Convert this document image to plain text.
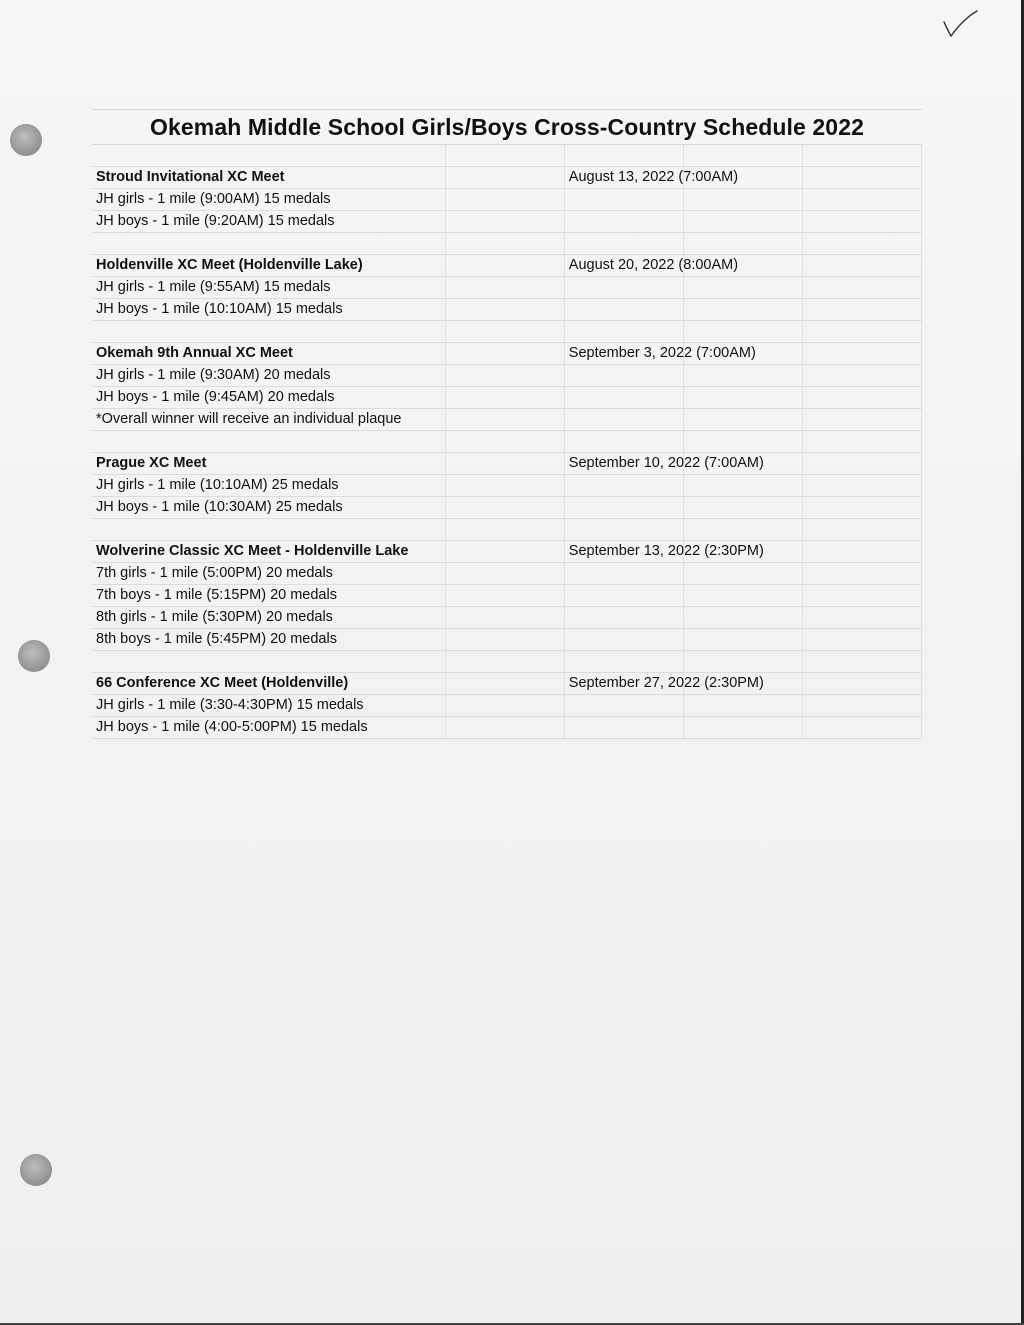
Okemah Middle School Girls/Boys Cross-Country Schedule 2022

Stroud Invitational XC Meet		August 13, 2022 (7:00AM)		
JH girls - 1 mile (9:00AM) 15 medals				
JH boys - 1 mile (9:20AM) 15 medals				

Holdenville XC Meet (Holdenville Lake)		August 20, 2022 (8:00AM)		
JH girls - 1 mile (9:55AM) 15 medals				
JH boys - 1 mile (10:10AM) 15 medals				

Okemah 9th Annual XC Meet		September 3, 2022 (7:00AM)		
JH girls - 1 mile (9:30AM) 20 medals				
JH boys - 1 mile (9:45AM) 20 medals				
*Overall winner will receive an individual plaque				

Prague XC Meet		September 10, 2022 (7:00AM)		
JH girls - 1 mile (10:10AM) 25 medals				
JH boys - 1 mile (10:30AM) 25 medals				

Wolverine Classic XC Meet - Holdenville Lake		September 13, 2022 (2:30PM)		
7th girls - 1 mile (5:00PM) 20 medals				
7th boys - 1 mile (5:15PM) 20 medals				
8th girls - 1 mile (5:30PM) 20 medals				
8th boys - 1 mile (5:45PM) 20 medals				

66 Conference XC Meet (Holdenville)		September 27, 2022 (2:30PM)		
JH girls - 1 mile (3:30-4:30PM) 15 medals				
JH boys - 1 mile (4:00-5:00PM) 15 medals				
